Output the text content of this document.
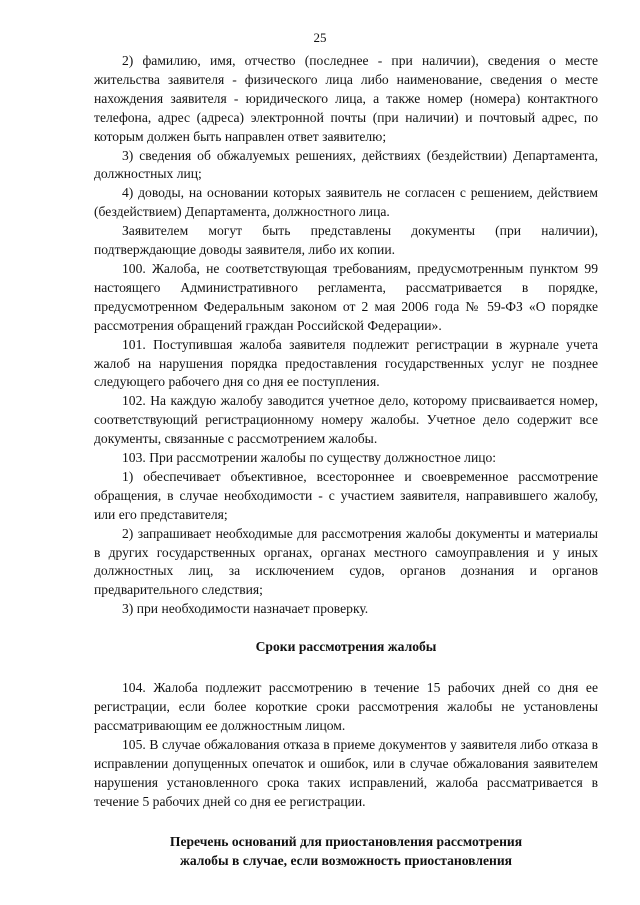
25

2) фамилию, имя, отчество (последнее - при наличии), сведения о месте жительства заявителя - физического лица либо наименование, сведения о месте нахождения заявителя - юридического лица, а также номер (номера) контактного телефона, адрес (адреса) электронной почты (при наличии) и почтовый адрес, по которым должен быть направлен ответ заявителю;

3) сведения об обжалуемых решениях, действиях (бездействии) Департамента, должностных лиц;

4) доводы, на основании которых заявитель не согласен с решением, действием (бездействием) Департамента, должностного лица.

Заявителем могут быть представлены документы (при наличии), подтверждающие доводы заявителя, либо их копии.

100. Жалоба, не соответствующая требованиям, предусмотренным пунктом 99 настоящего Административного регламента, рассматривается в порядке, предусмотренном Федеральным законом от 2 мая 2006 года № 59-ФЗ «О порядке рассмотрения обращений граждан Российской Федерации».

101. Поступившая жалоба заявителя подлежит регистрации в журнале учета жалоб на нарушения порядка предоставления государственных услуг не позднее следующего рабочего дня со дня ее поступления.

102. На каждую жалобу заводится учетное дело, которому присваивается номер, соответствующий регистрационному номеру жалобы. Учетное дело содержит все документы, связанные с рассмотрением жалобы.

103. При рассмотрении жалобы по существу должностное лицо:

1) обеспечивает объективное, всестороннее и своевременное рассмотрение обращения, в случае необходимости - с участием заявителя, направившего жалобу, или его представителя;

2) запрашивает необходимые для рассмотрения жалобы документы и материалы в других государственных органах, органах местного самоуправления и у иных должностных лиц, за исключением судов, органов дознания и органов предварительного следствия;

3) при необходимости назначает проверку.

Сроки рассмотрения жалобы

104. Жалоба подлежит рассмотрению в течение 15 рабочих дней со дня ее регистрации, если более короткие сроки рассмотрения жалобы не установлены рассматривающим ее должностным лицом.

105. В случае обжалования отказа в приеме документов у заявителя либо отказа в исправлении допущенных опечаток и ошибок, или в случае обжалования заявителем нарушения установленного срока таких исправлений, жалоба рассматривается в течение 5 рабочих дней со дня ее регистрации.

Перечень оснований для приостановления рассмотрения
жалобы в случае, если возможность приостановления
